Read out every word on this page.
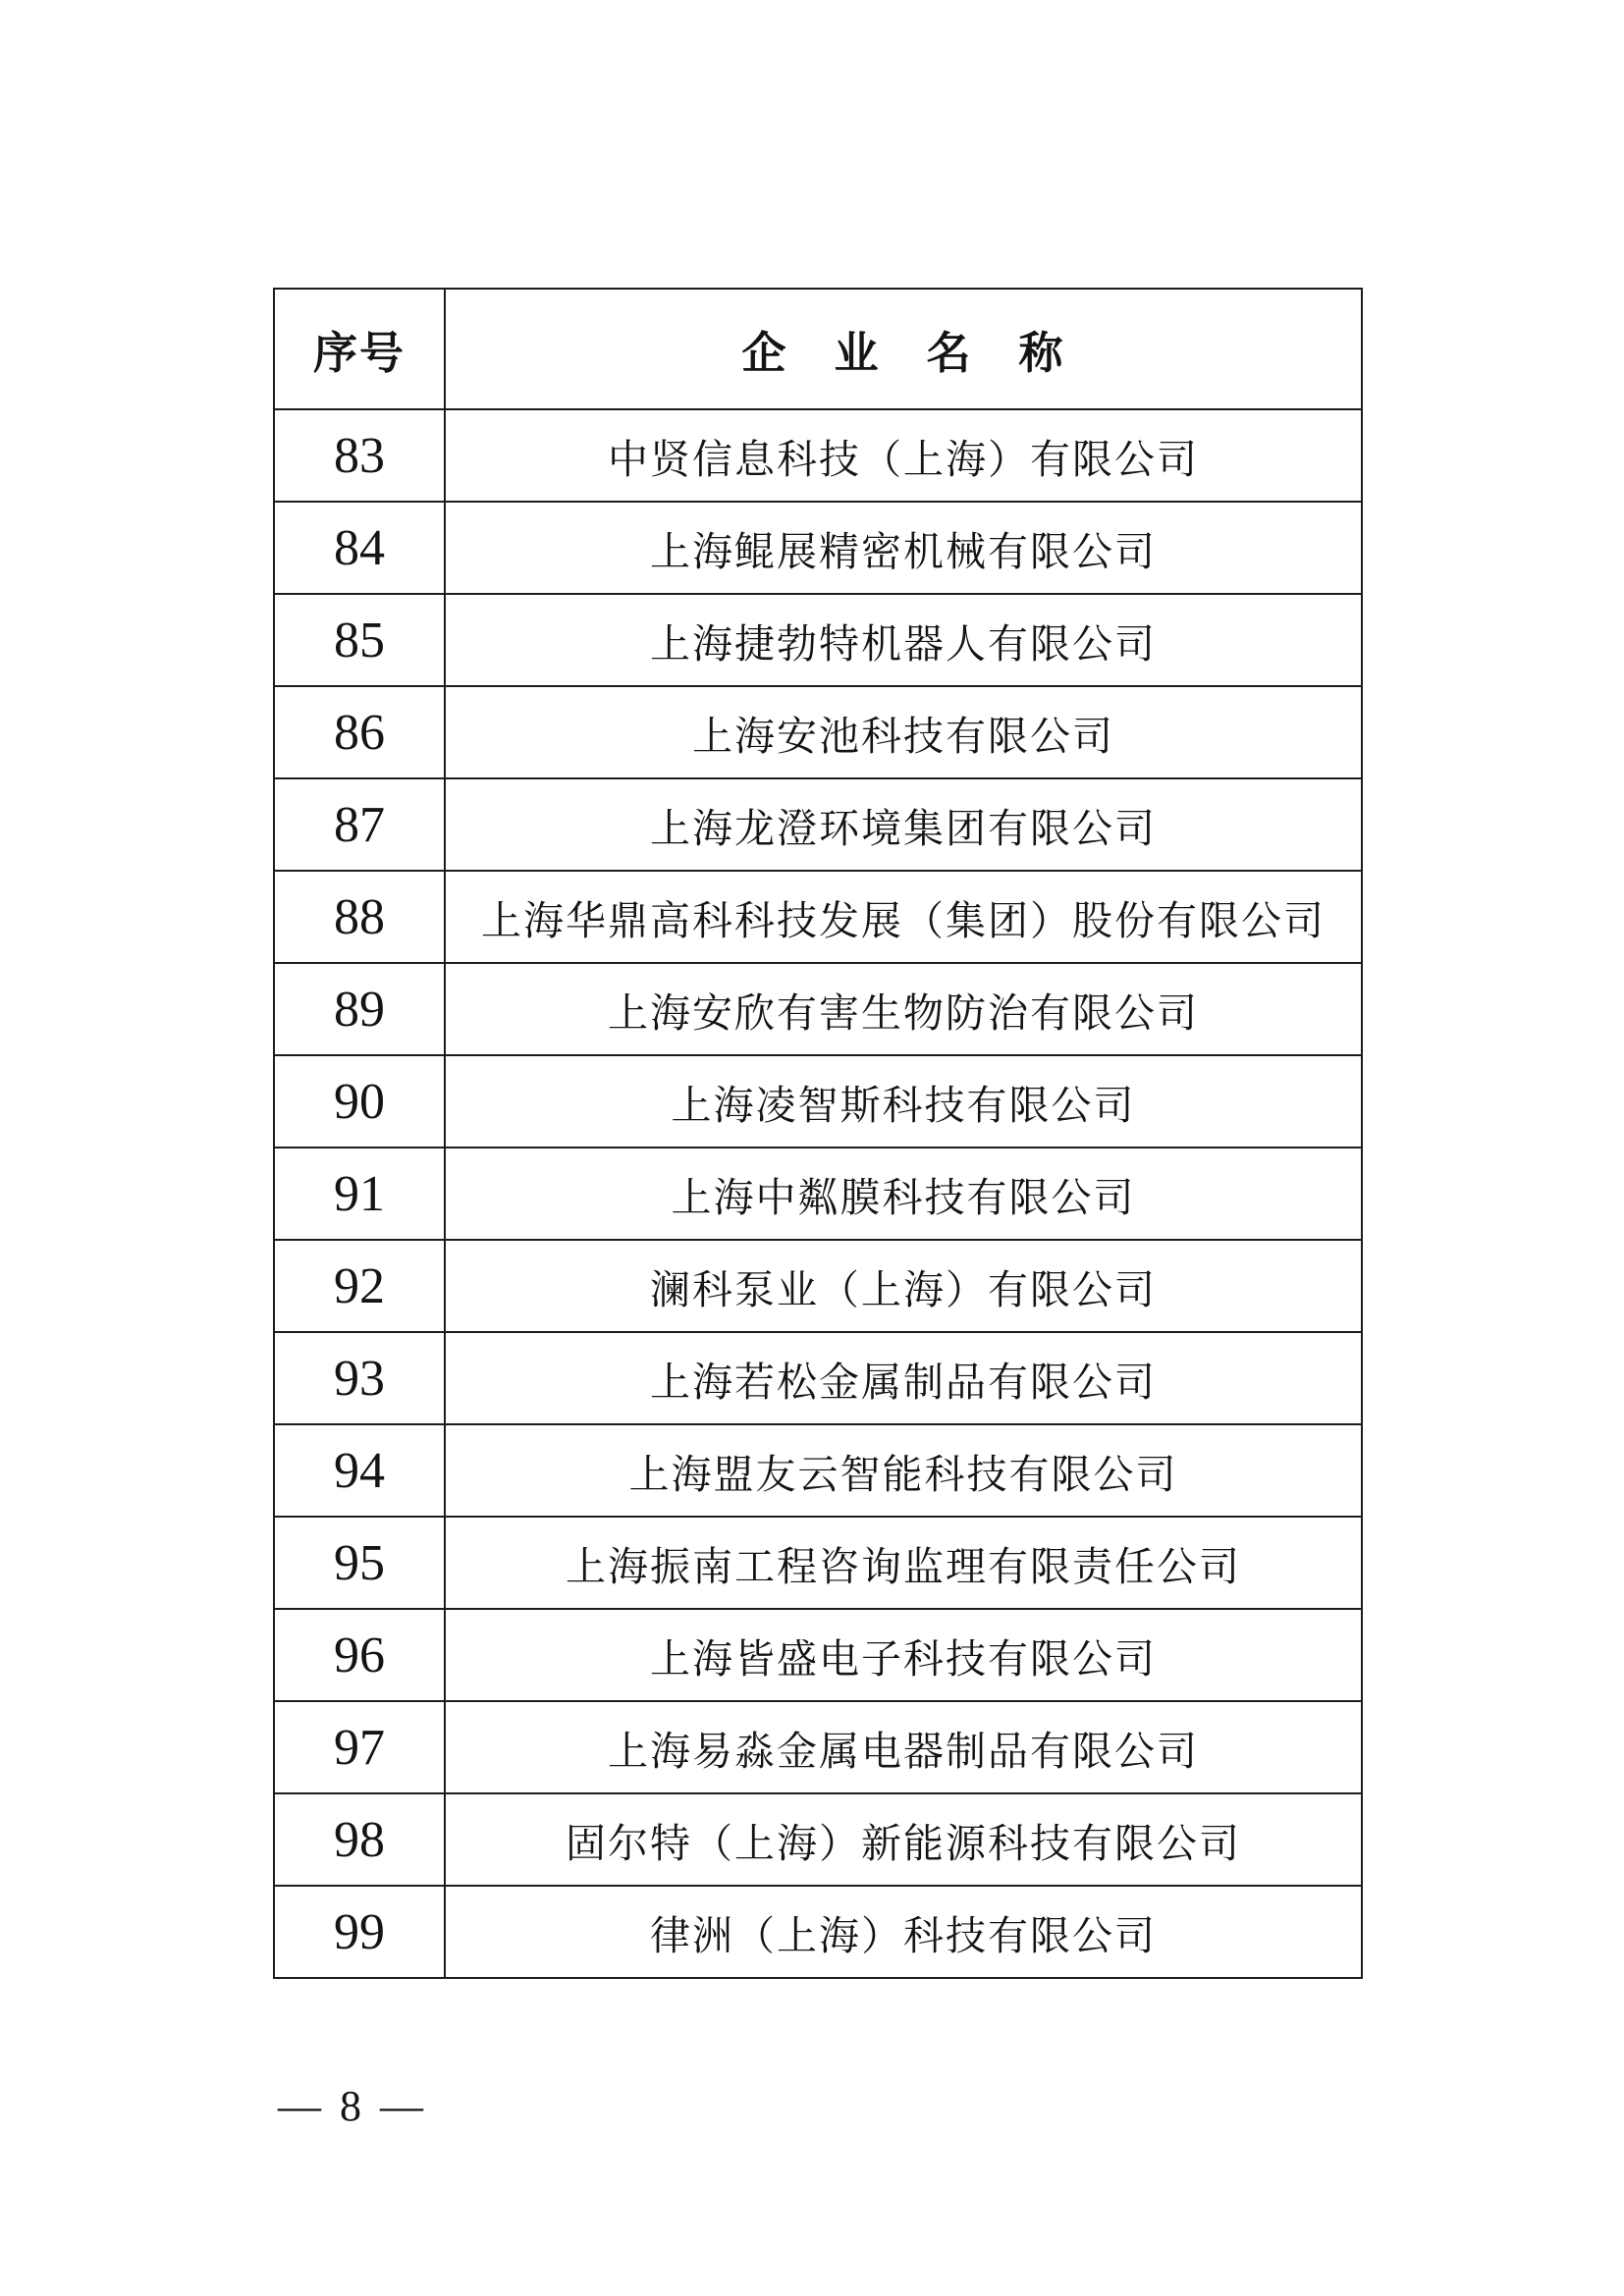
序号	企　业　名　称
83	中贤信息科技（上海）有限公司
84	上海鲲展精密机械有限公司
85	上海捷勃特机器人有限公司
86	上海安池科技有限公司
87	上海龙澄环境集团有限公司
88	上海华鼎高科科技发展（集团）股份有限公司
89	上海安欣有害生物防治有限公司
90	上海凌智斯科技有限公司
91	上海中粼膜科技有限公司
92	澜科泵业（上海）有限公司
93	上海若松金属制品有限公司
94	上海盟友云智能科技有限公司
95	上海振南工程咨询监理有限责任公司
96	上海皆盛电子科技有限公司
97	上海易淼金属电器制品有限公司
98	固尔特（上海）新能源科技有限公司
99	律洲（上海）科技有限公司
— 8 —
